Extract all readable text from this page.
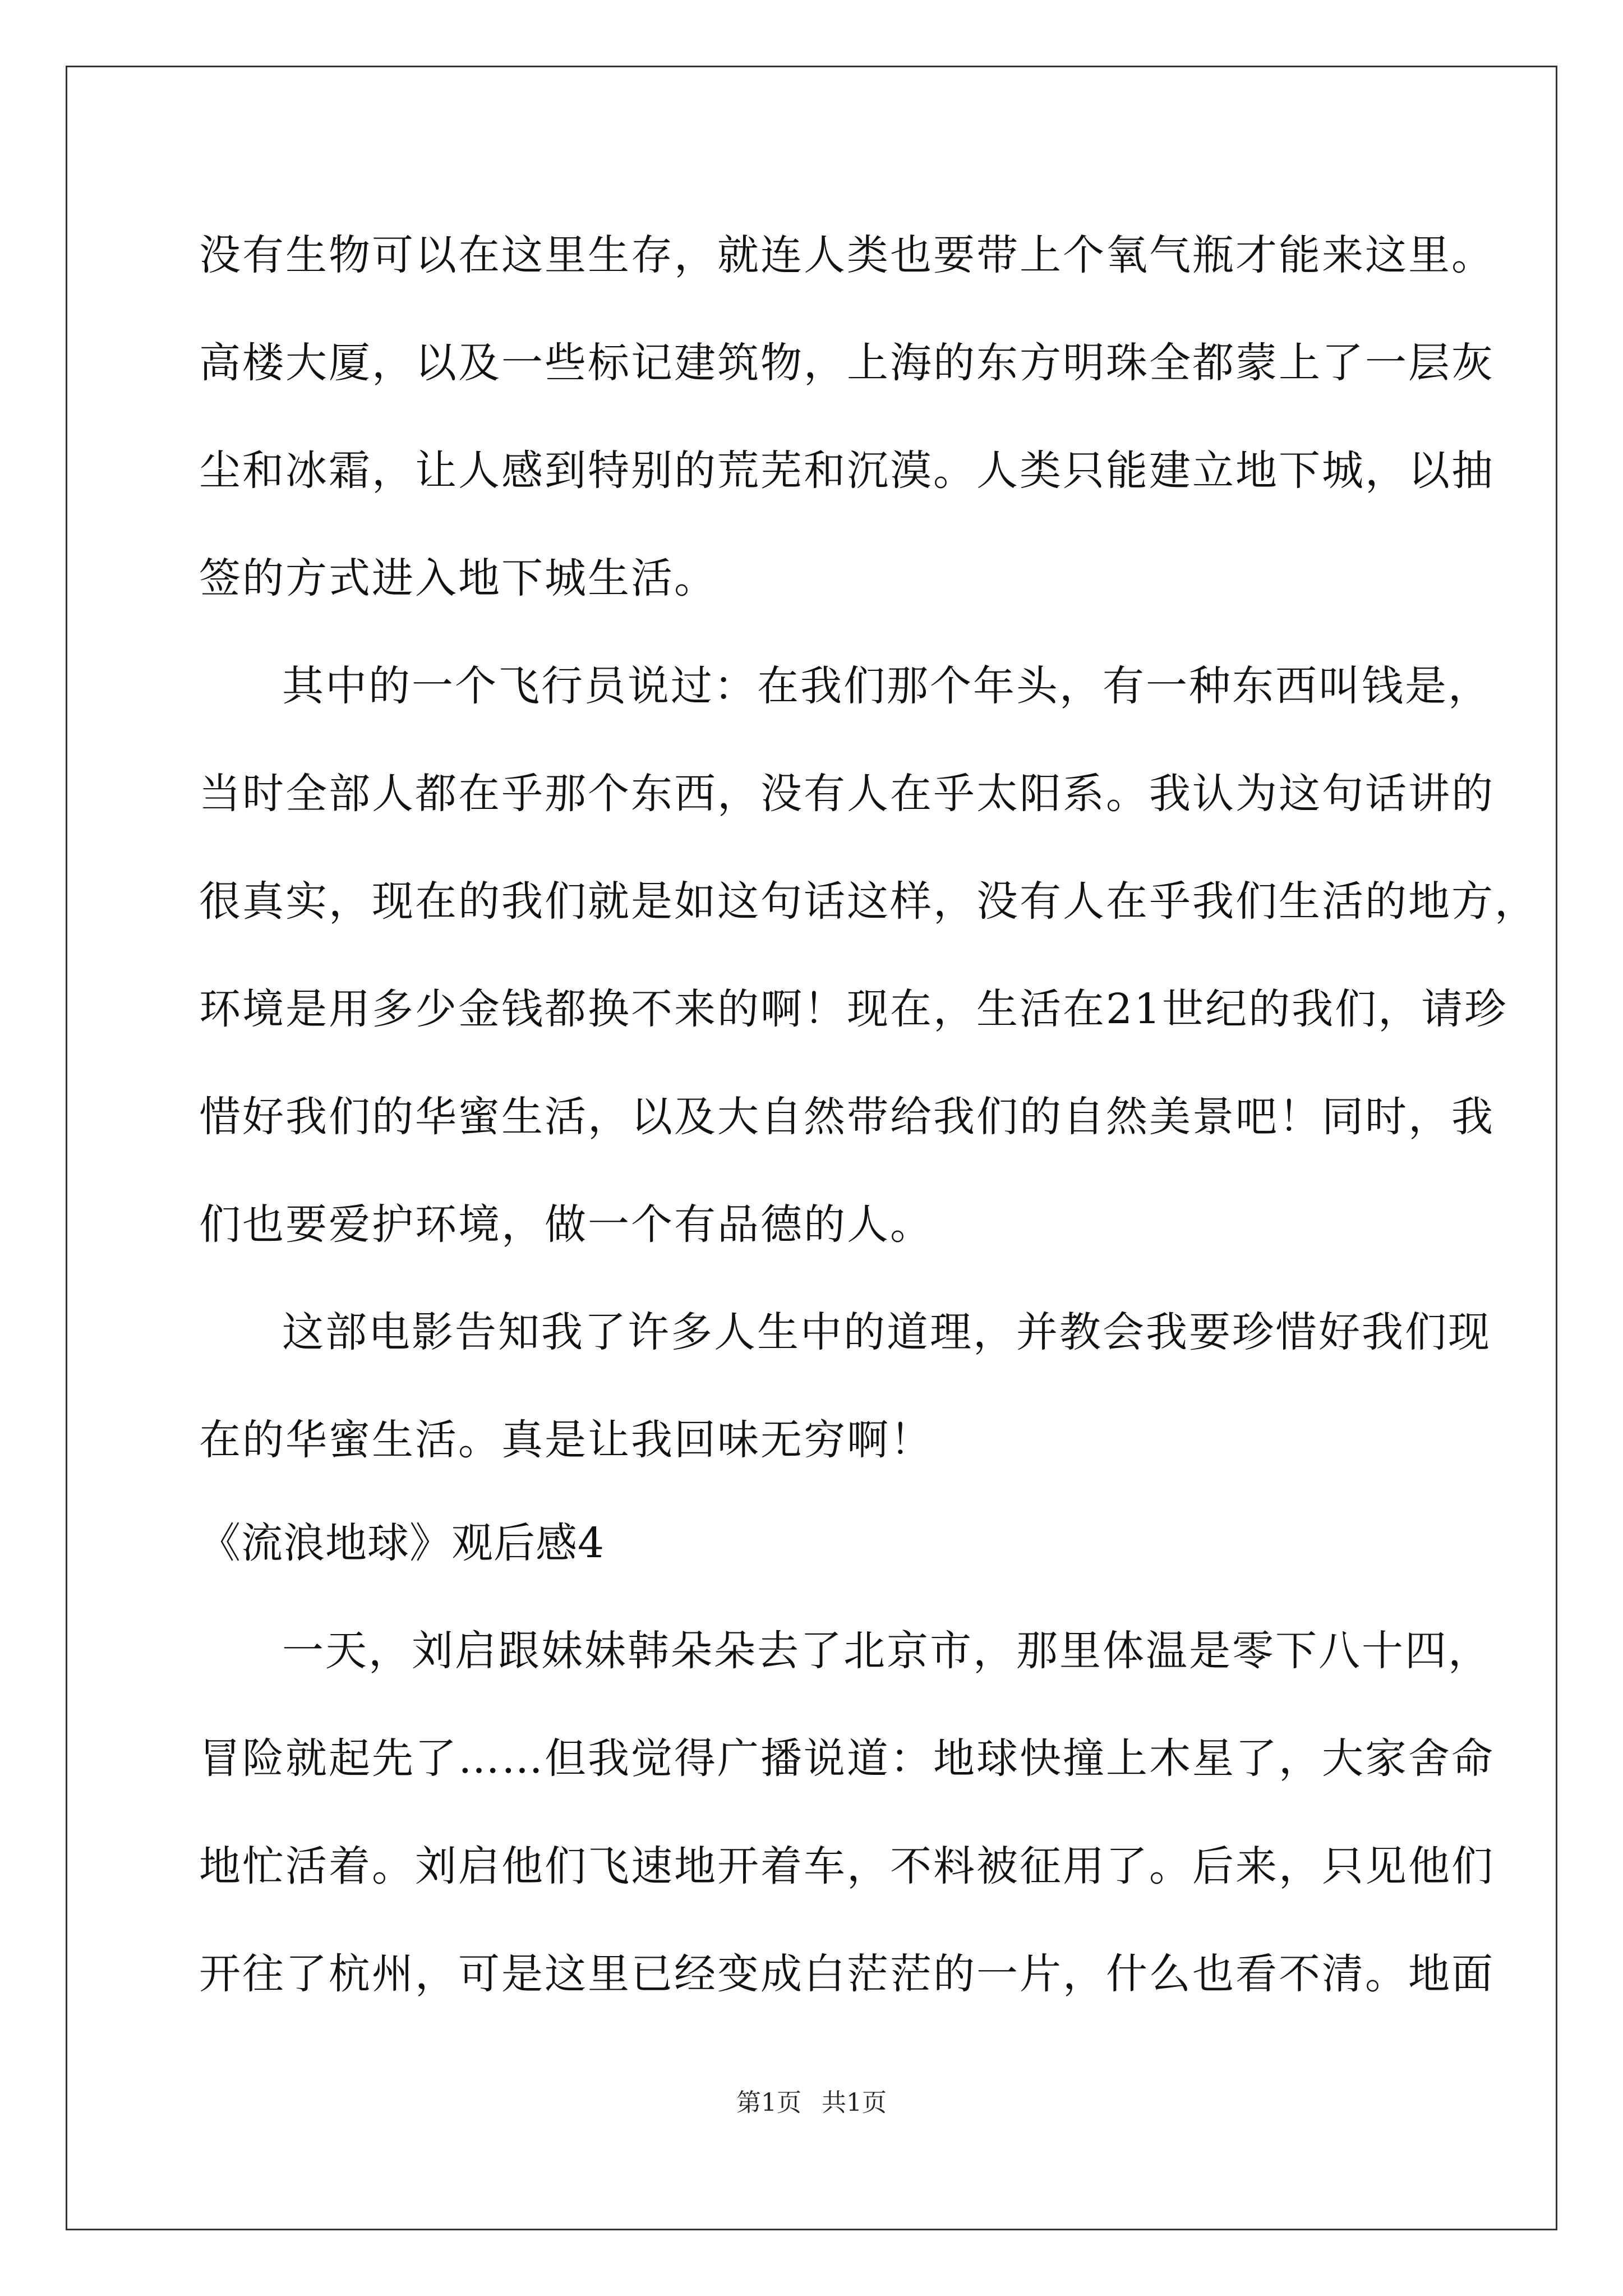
没有生物可以在这里生存，就连人类也要带上个氧气瓶才能来这里。
高楼大厦，以及一些标记建筑物，上海的东方明珠全都蒙上了一层灰
尘和冰霜，让人感到特别的荒芜和沉漠。人类只能建立地下城，以抽
签的方式进入地下城生活。
其中的一个飞行员说过：在我们那个年头，有一种东西叫钱是，
当时全部人都在乎那个东西，没有人在乎太阳系。我认为这句话讲的
很真实，现在的我们就是如这句话这样，没有人在乎我们生活的地方，
环境是用多少金钱都换不来的啊！现在，生活在21世纪的我们，请珍
惜好我们的华蜜生活，以及大自然带给我们的自然美景吧！同时，我
们也要爱护环境，做一个有品德的人。
这部电影告知我了许多人生中的道理，并教会我要珍惜好我们现
在的华蜜生活。真是让我回味无穷啊！
《流浪地球》观后感4
一天，刘启跟妹妹韩朵朵去了北京市，那里体温是零下八十四，
冒险就起先了……但我觉得广播说道：地球快撞上木星了，大家舍命
地忙活着。刘启他们飞速地开着车，不料被征用了。后来，只见他们
开往了杭州，可是这里已经变成白茫茫的一片，什么也看不清。地面
第1页 共1页
